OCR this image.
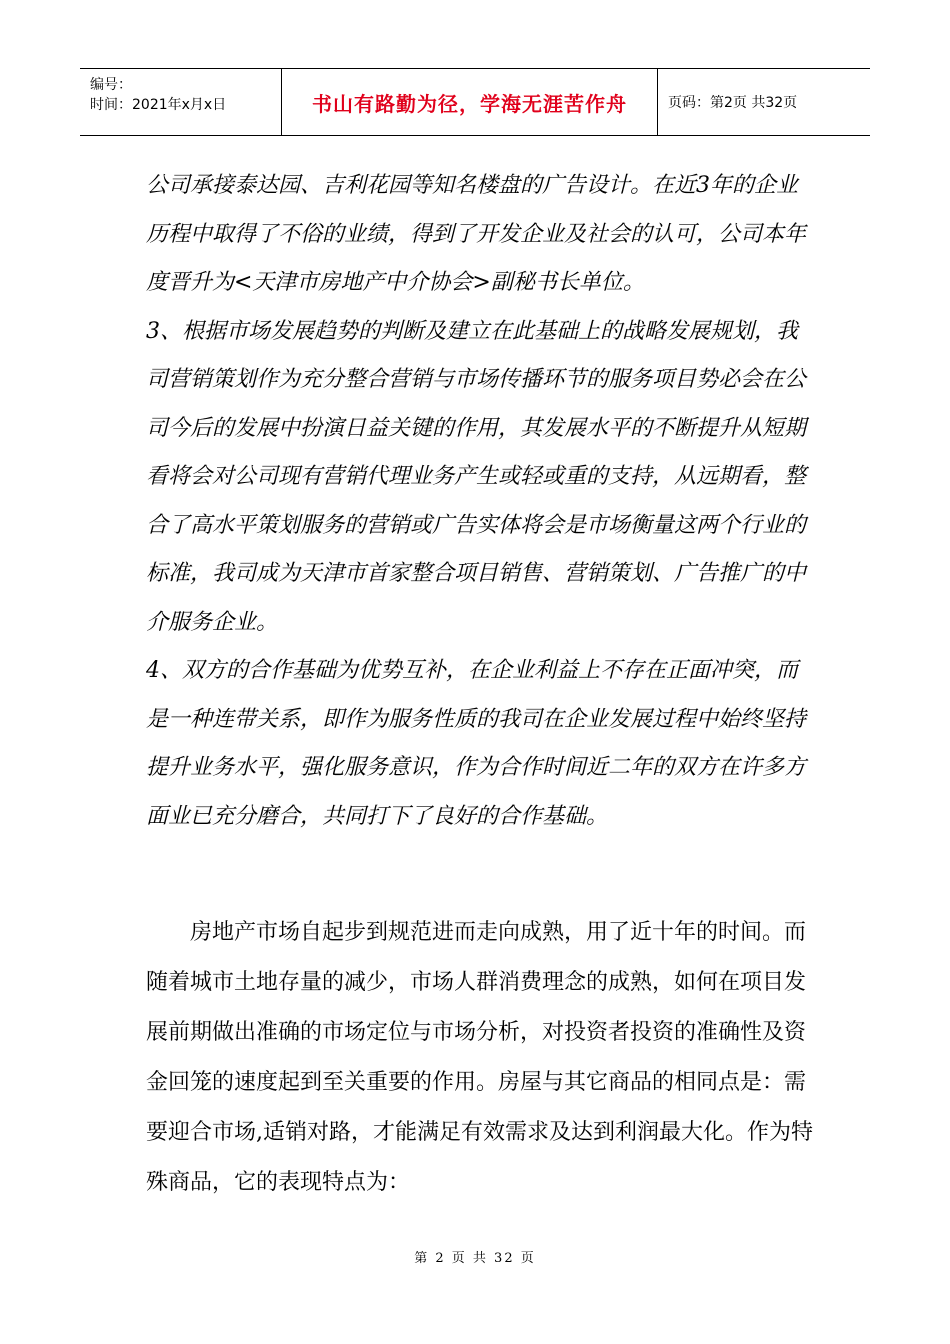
编号：
时间：2021年x月x日	书山有路勤为径，学海无涯苦作舟	页码：第2页 共32页

公司承接泰达园、吉利花园等知名楼盘的广告设计。在近3年的企业历程中取得了不俗的业绩，得到了开发企业及社会的认可，公司本年度晋升为<天津市房地产中介协会>副秘书长单位。

3、根据市场发展趋势的判断及建立在此基础上的战略发展规划，我司营销策划作为充分整合营销与市场传播环节的服务项目势必会在公司今后的发展中扮演日益关键的作用，其发展水平的不断提升从短期看将会对公司现有营销代理业务产生或轻或重的支持，从远期看，整合了高水平策划服务的营销或广告实体将会是市场衡量这两个行业的标准，我司成为天津市首家整合项目销售、营销策划、广告推广的中介服务企业。

4、双方的合作基础为优势互补，在企业利益上不存在正面冲突，而是一种连带关系，即作为服务性质的我司在企业发展过程中始终坚持提升业务水平，强化服务意识，作为合作时间近二年的双方在许多方面业已充分磨合，共同打下了良好的合作基础。

房地产市场自起步到规范进而走向成熟，用了近十年的时间。而随着城市土地存量的减少，市场人群消费理念的成熟，如何在项目发展前期做出准确的市场定位与市场分析，对投资者投资的准确性及资金回笼的速度起到至关重要的作用。房屋与其它商品的相同点是：需要迎合市场,适销对路，才能满足有效需求及达到利润最大化。作为特殊商品，它的表现特点为：

第 2 页 共 32 页
